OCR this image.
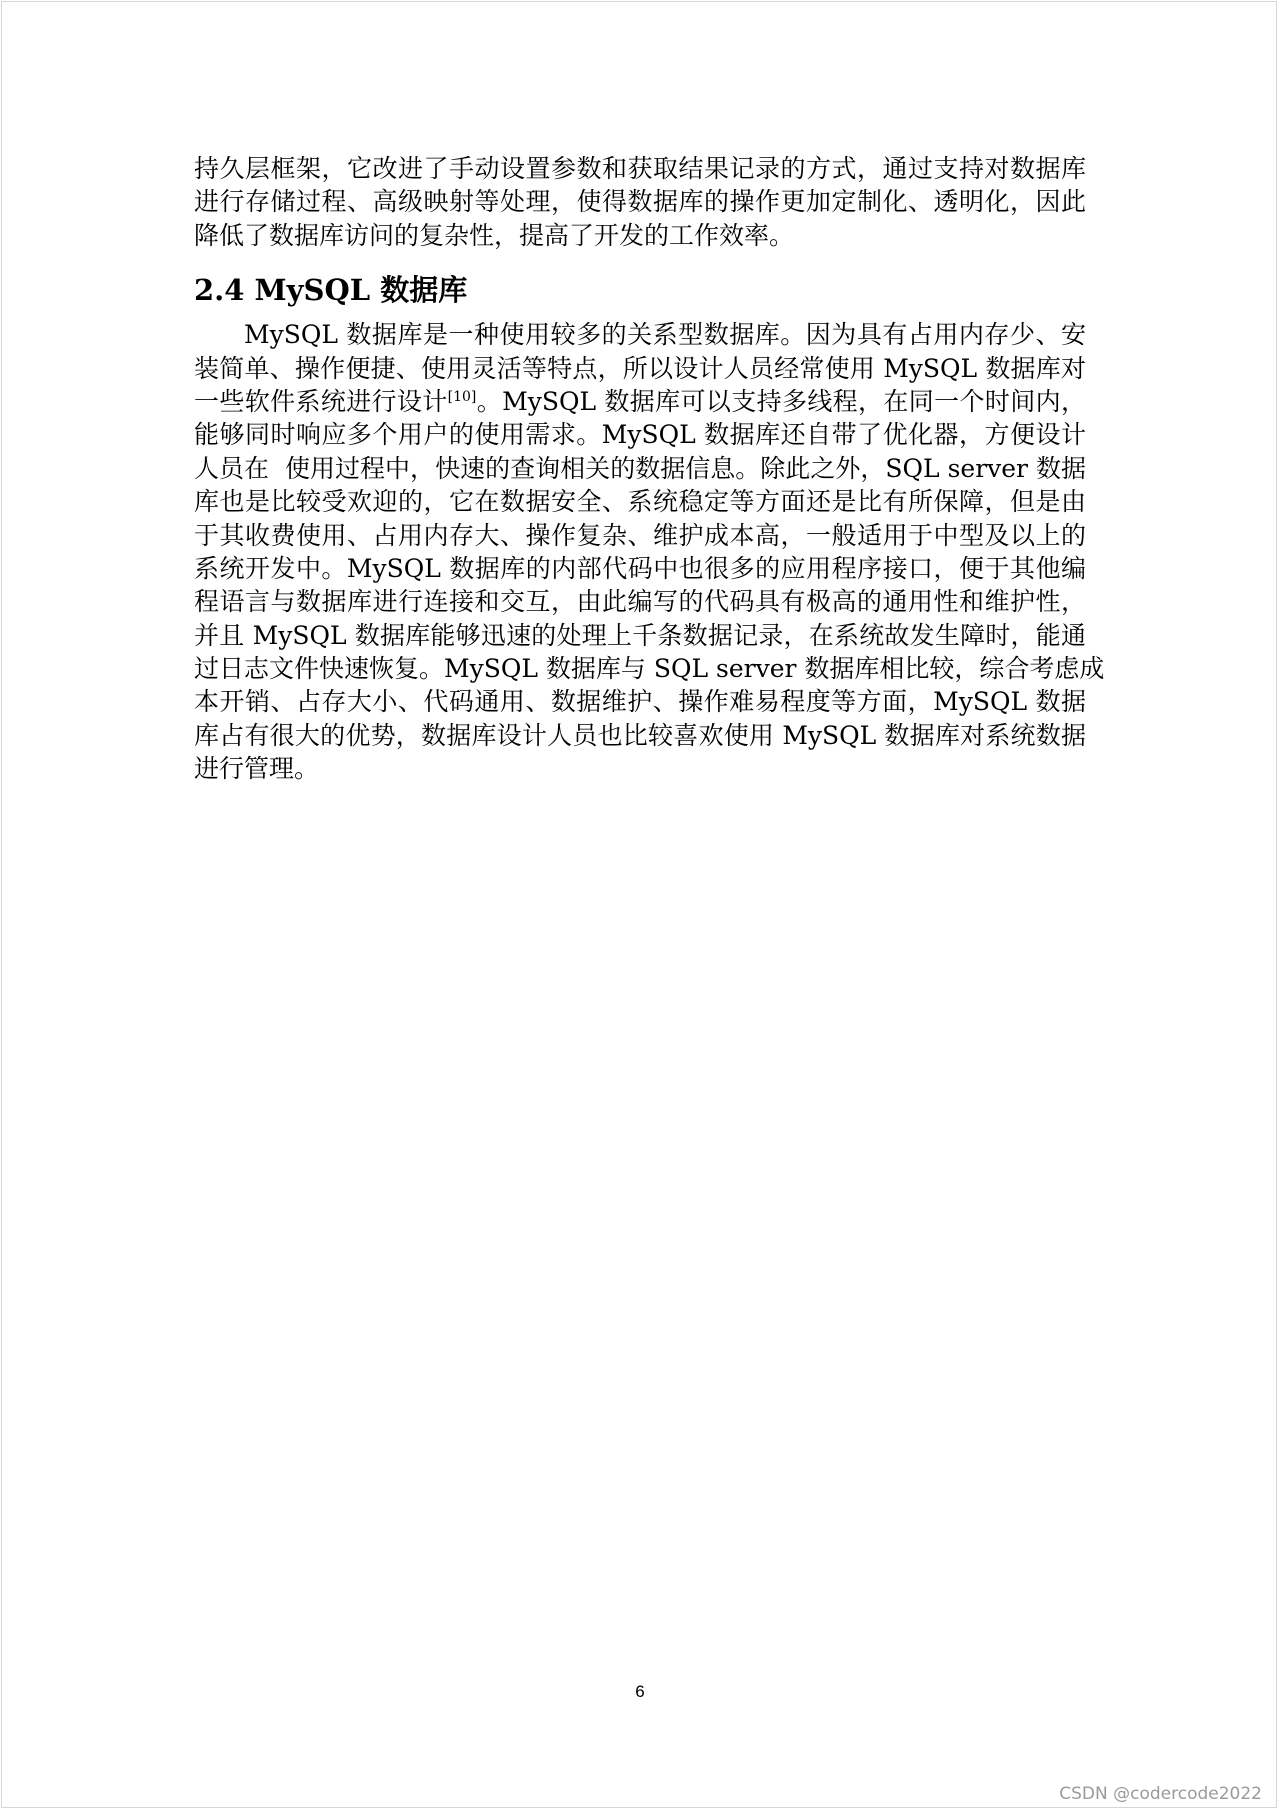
持久层框架，它改进了手动设置参数和获取结果记录的方式，通过支持对数据库
进行存储过程、高级映射等处理，使得数据库的操作更加定制化、透明化，因此
降低了数据库访问的复杂性，提高了开发的工作效率。
2.4 MySQL 数据库
MySQL 数据库是一种使用较多的关系型数据库。因为具有占用内存少、安
装简单、操作便捷、使用灵活等特点，所以设计人员经常使用 MySQL 数据库对
一些软件系统进行设计[10]。MySQL 数据库可以支持多线程，在同一个时间内，
能够同时响应多个用户的使用需求。MySQL 数据库还自带了优化器，方便设计
人员在  使用过程中，快速的查询相关的数据信息。除此之外，SQL server 数据
库也是比较受欢迎的，它在数据安全、系统稳定等方面还是比有所保障，但是由
于其收费使用、占用内存大、操作复杂、维护成本高，一般适用于中型及以上的
系统开发中。MySQL 数据库的内部代码中也很多的应用程序接口，便于其他编
程语言与数据库进行连接和交互，由此编写的代码具有极高的通用性和维护性，
并且 MySQL 数据库能够迅速的处理上千条数据记录，在系统故发生障时，能通
过日志文件快速恢复。MySQL 数据库与 SQL server 数据库相比较，综合考虑成
本开销、占存大小、代码通用、数据维护、操作难易程度等方面，MySQL 数据
库占有很大的优势，数据库设计人员也比较喜欢使用 MySQL 数据库对系统数据
进行管理。
6
CSDN @codercode2022
